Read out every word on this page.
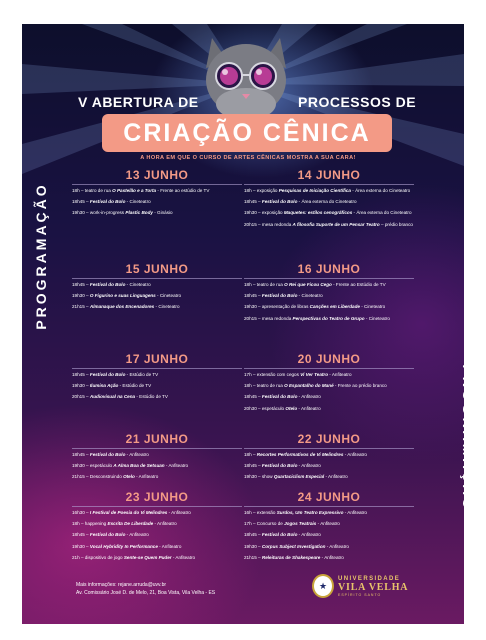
V ABERTURA DE	PROCESSOS DE
CRIAÇÃO CÊNICA
A HORA EM QUE O CURSO DE ARTES CÊNICAS MOSTRA A SUA CARA!
PROGRAMAÇÃO
PROGRAMAÇÃO
13 JUNHO
18h – teatro de rua O Pastelão e a Torta - Frente ao estúdio de TV
18h45 – Festival do Bolo - Cineteatro
19h30 – work-in-progress Plastic Body - Ginásio
14 JUNHO
18h – exposição Pesquisas de Iniciação Científica - Área externa do Cineteatro
18h45 – Festival do Bolo - Área externa do Cineteatro
19h30 – exposição Maquetes: estilos cenográficos - Área externa do Cineteatro
20h15 – mesa redonda A filosofia Suporte de um Pensar Teatro – prédio branco
15 JUNHO
18h45 – Festival do Bolo - Cineteatro
19h30 – O Figurino e suas Linguagens - Cineteatro
21h15 – Almanaque dos Encenadores - Cineteatro
16 JUNHO
18h – teatro de rua O Rei que Ficou Cego - Frente ao Estúdio de TV
18h45 – Festival do Bolo - Cineteatro
19h30 – apresentação de libras Canções em Liberdade - Cineteatro
20h15 – mesa redonda Perspectivas do Teatro de Grupo - Cineteatro
17 JUNHO
18h45 – Festival do Bolo - Estúdio de TV
19h30 – Ilumina Ação - Estúdio de TV
20h15 – Audiovisual na Cena - Estúdio de TV
20 JUNHO
17h – extensão com cegos Vi Ver Teatro - Anfiteatro
18h – teatro de rua O Espantalho do Mané - Frente ao prédio branco
18h45 – Festival do Bolo - Anfiteatro
20h30 – espetáculo Otelo - Anfiteatro
21 JUNHO
18h45 – Festival do Bolo - Anfiteatro
19h30 – espetáculo A Alma Boa de Setsuan - Anfiteatro
21h15 – Desconstruindo Otelo - Anfiteatro
22 JUNHO
18h – Recortes Performativos de Vi Melindres - Anfiteatro
18h45 – Festival do Bolo - Anfiteatro
19h30 – show Quartaciclism Especial - Anfiteatro
23 JUNHO
16h30 – I Festival de Poesia do Vi Melindres - Anfiteatro
18h – happening Escrita De Liberdade - Anfiteatro
18h45 – Festival do Bolo - Anfiteatro
19h30 – Vocal Hybridity In Performance - Anfiteatro
21h – dispositivo de jogo Sente-se Quem Puder - Anfiteatro
24 JUNHO
16h – extensão Surdos, Um Teatro Expressivo - Anfiteatro
17h – Concurso de Jogos Teatrais - Anfiteatro
18h45 – Festival do Bolo - Anfiteatro
19h30 – Corpus Subject Investigation - Anfiteatro
21h15 – Releituras de Shakespeare - Anfiteatro
Mais informações: rejane.arruda@uvv.br
Av. Comissário José D. de Melo, 21, Boa Vista, Vila Velha - ES
★
UNIVERSIDADE
VILA VELHA
ESPÍRITO SANTO
